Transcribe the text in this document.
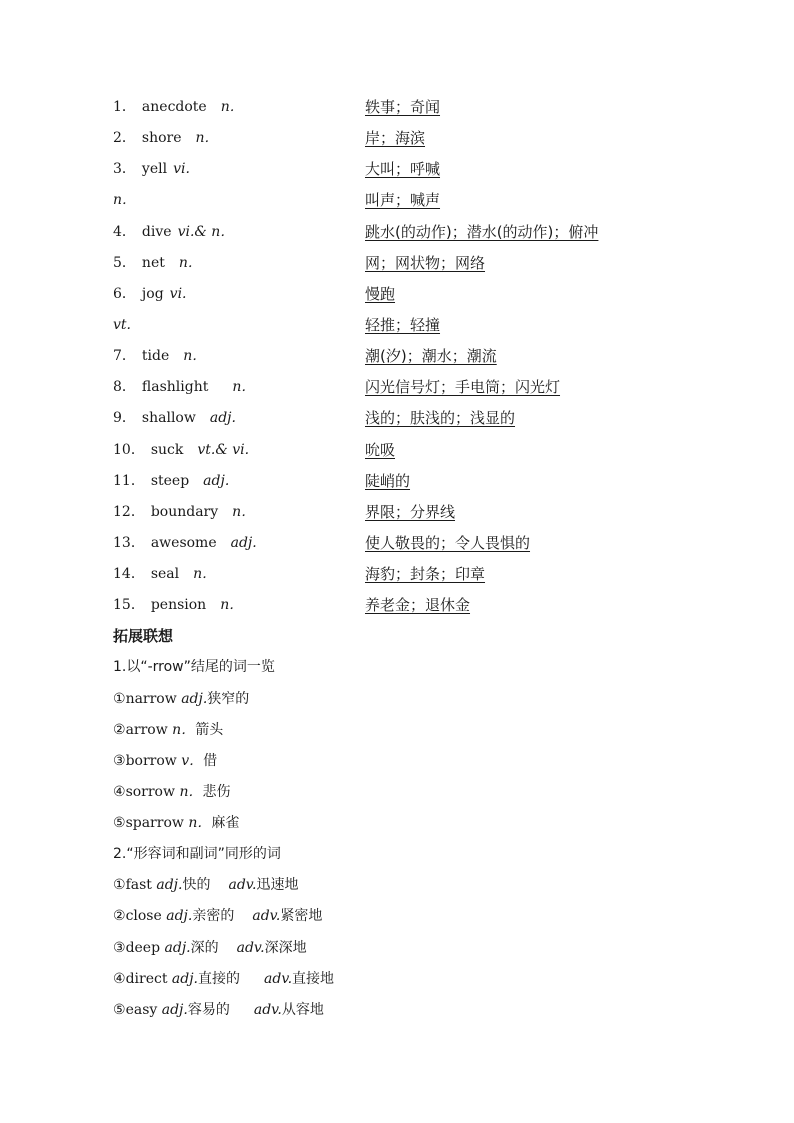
1． anecdote n．	轶事；奇闻
2． shore n．	岸；海滨
3． yell vi.	大叫；呼喊
n．	叫声；喊声
4． dive vi.& n．	跳水(的动作)；潜水(的动作)；俯冲
5． net n．	网；网状物；网络
6． jog vi.	慢跑
vt.	轻推；轻撞
7． tide n．	潮(汐)；潮水；潮流
8． flashlight n．	闪光信号灯；手电筒；闪光灯
9． shallow adj.	浅的；肤浅的；浅显的
10． suck vt.& vi.	吮吸
11． steep adj.	陡峭的
12． boundary n．	界限；分界线
13． awesome adj.	使人敬畏的；令人畏惧的
14． seal n．	海豹；封条；印章
15． pension n．	养老金；退休金
拓展联想
1.以“-rrow”结尾的词一览
①narrow adj.狭窄的
②arrow n．箭头
③borrow v．借
④sorrow n．悲伤
⑤sparrow n．麻雀
2.“形容词和副词”同形的词
①fast adj.快的 adv.迅速地
②close adj.亲密的 adv.紧密地
③deep adj.深的 adv.深深地
④direct adj.直接的 adv.直接地
⑤easy adj.容易的 adv.从容地
